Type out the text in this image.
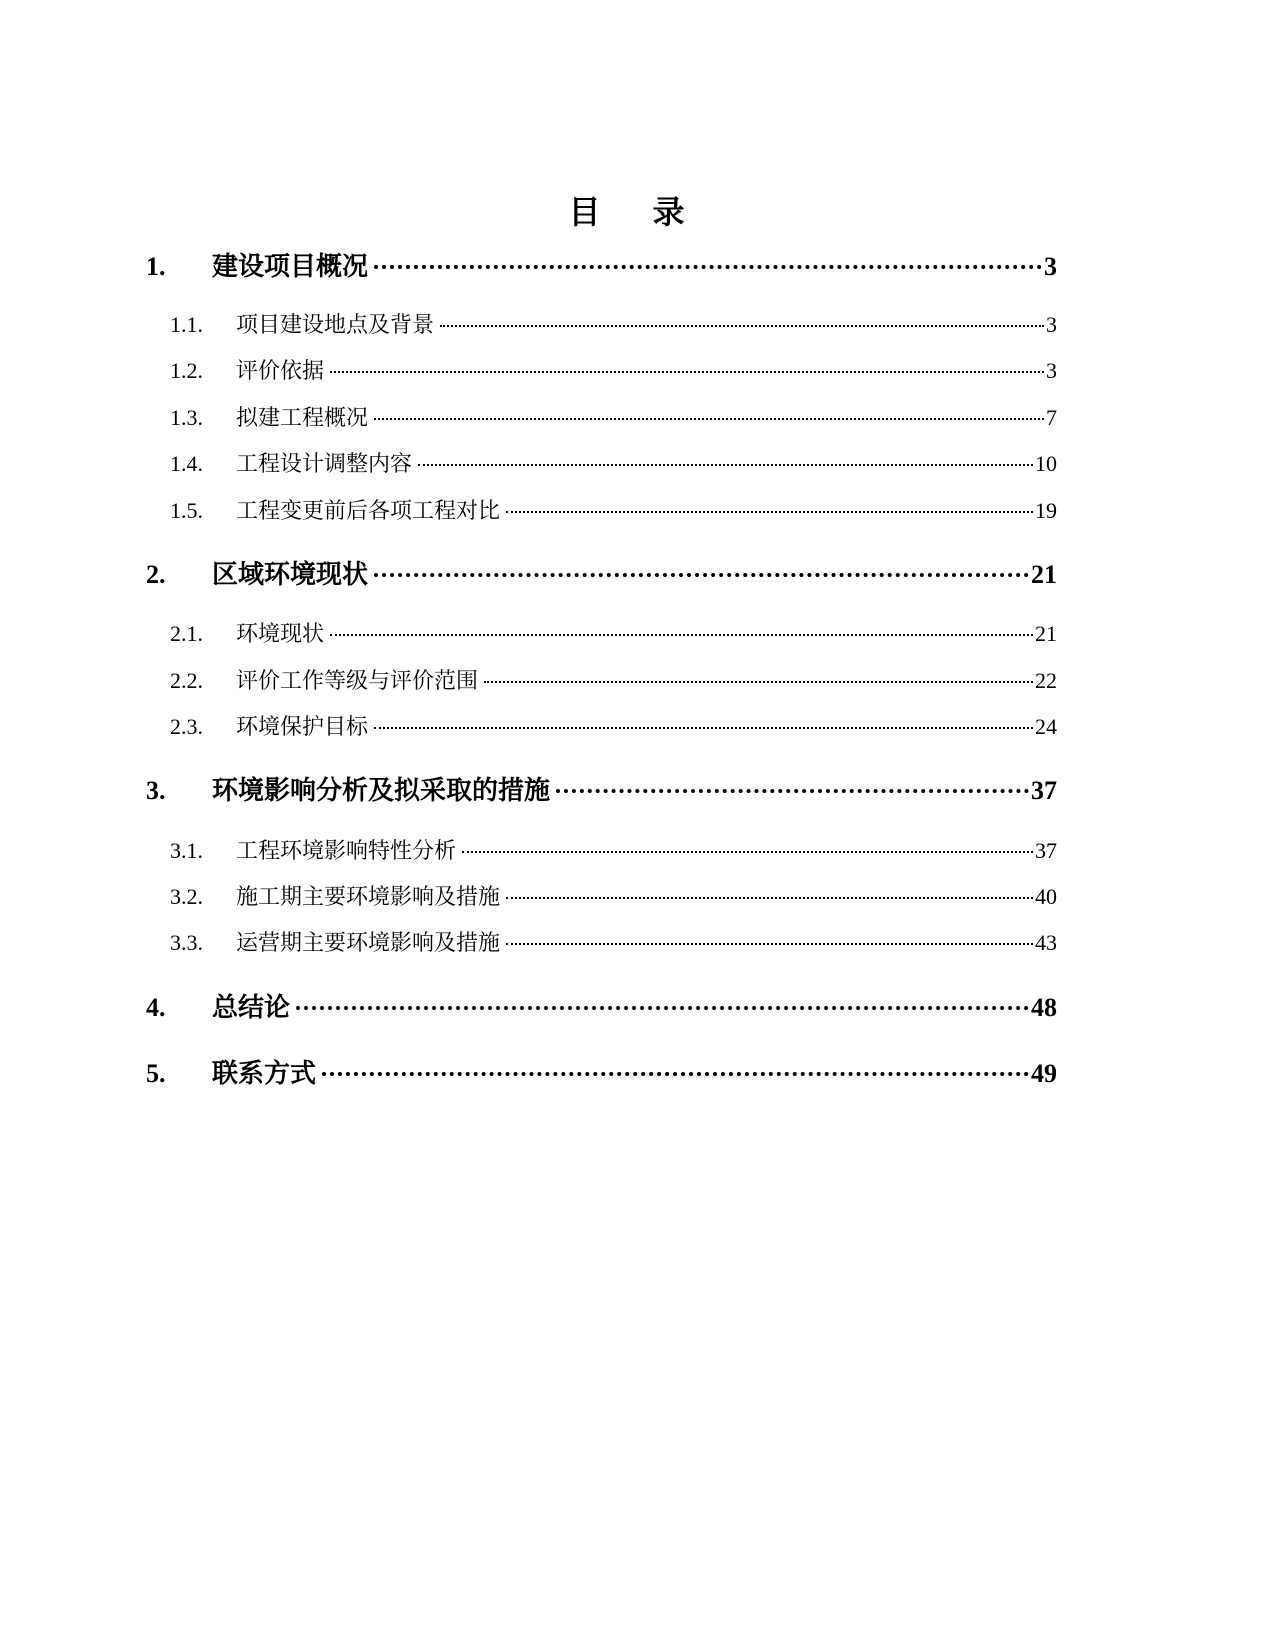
目 录
1.	建设项目概况	3
1.1.	项目建设地点及背景	3
1.2.	评价依据	3
1.3.	拟建工程概况	7
1.4.	工程设计调整内容	10
1.5.	工程变更前后各项工程对比	19
2.	区域环境现状	21
2.1.	环境现状	21
2.2.	评价工作等级与评价范围	22
2.3.	环境保护目标	24
3.	环境影响分析及拟采取的措施	37
3.1.	工程环境影响特性分析	37
3.2.	施工期主要环境影响及措施	40
3.3.	运营期主要环境影响及措施	43
4.	总结论	48
5.	联系方式	49
